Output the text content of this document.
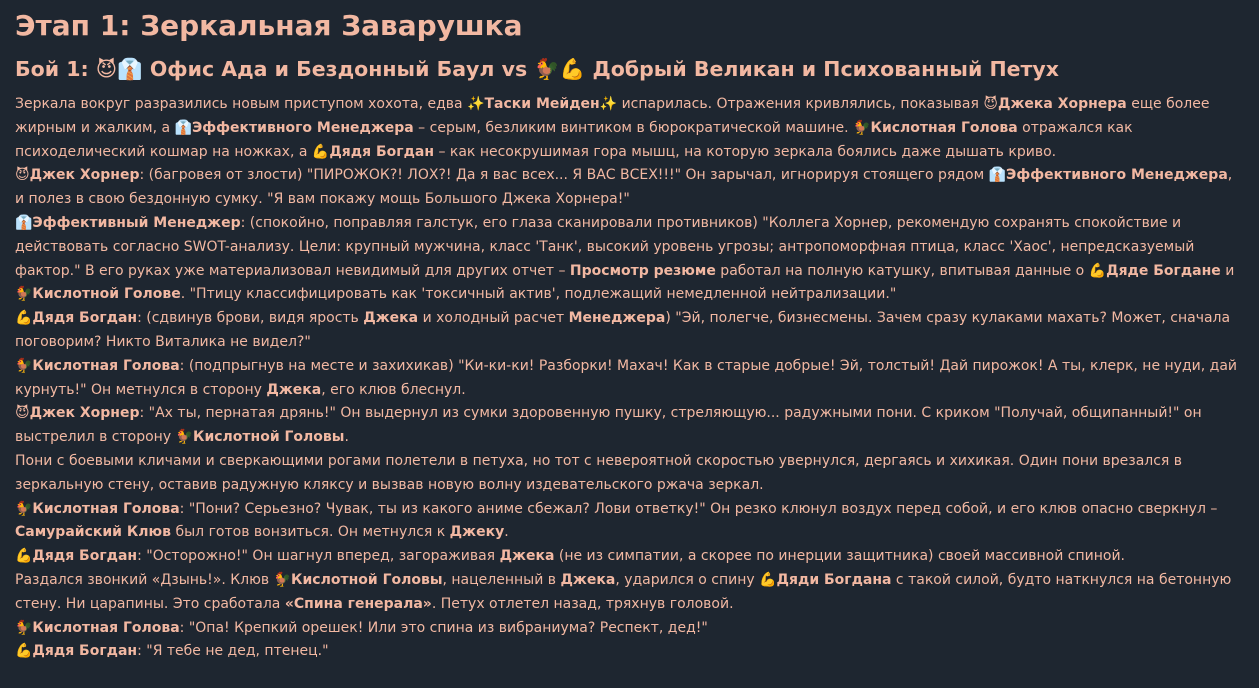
Этап 1: Зеркальная Заварушка
Бой 1: 😈👔 Офис Ада и Бездонный Баул vs 🐓💪 Добрый Великан и Психованный Петух

Зеркала вокруг разразились новым приступом хохота, едва ✨Таски Мейден✨ испарилась. Отражения кривлялись, показывая 😈Джека Хорнера еще более жирным и жалким, а 👔Эффективного Менеджера – серым, безликим винтиком в бюрократической машине. 🐓Кислотная Голова отражался как психоделический кошмар на ножках, а 💪Дядя Богдан – как несокрушимая гора мышц, на которую зеркала боялись даже дышать криво.

😈Джек Хорнер: (багровея от злости) "ПИРОЖОК?! ЛОХ?! Да я вас всех... Я ВАС ВСЕХ!!!" Он зарычал, игнорируя стоящего рядом 👔Эффективного Менеджера, и полез в свою бездонную сумку. "Я вам покажу мощь Большого Джека Хорнера!"

👔Эффективный Менеджер: (спокойно, поправляя галстук, его глаза сканировали противников) "Коллега Хорнер, рекомендую сохранять спокойствие и действовать согласно SWOT-анализу. Цели: крупный мужчина, класс 'Танк', высокий уровень угрозы; антропоморфная птица, класс 'Хаос', непредсказуемый фактор." В его руках уже материализовал невидимый для других отчет – Просмотр резюме работал на полную катушку, впитывая данные о 💪Дяде Богдане и 🐓Кислотной Голове. "Птицу классифицировать как 'токсичный актив', подлежащий немедленной нейтрализации."

💪Дядя Богдан: (сдвинув брови, видя ярость Джека и холодный расчет Менеджера) "Эй, полегче, бизнесмены. Зачем сразу кулаками махать? Может, сначала поговорим? Никто Виталика не видел?"

🐓Кислотная Голова: (подпрыгнув на месте и захихикав) "Ки-ки-ки! Разборки! Махач! Как в старые добрые! Эй, толстый! Дай пирожок! А ты, клерк, не нуди, дай курнуть!" Он метнулся в сторону Джека, его клюв блеснул.

😈Джек Хорнер: "Ах ты, пернатая дрянь!" Он выдернул из сумки здоровенную пушку, стреляющую... радужными пони. С криком "Получай, общипанный!" он выстрелил в сторону 🐓Кислотной Головы.

Пони с боевыми кличами и сверкающими рогами полетели в петуха, но тот с невероятной скоростью увернулся, дергаясь и хихикая. Один пони врезался в зеркальную стену, оставив радужную кляксу и вызвав новую волну издевательского ржача зеркал.

🐓Кислотная Голова: "Пони? Серьезно? Чувак, ты из какого аниме сбежал? Лови ответку!" Он резко клюнул воздух перед собой, и его клюв опасно сверкнул – Самурайский Клюв был готов вонзиться. Он метнулся к Джеку.

💪Дядя Богдан: "Осторожно!" Он шагнул вперед, загораживая Джека (не из симпатии, а скорее по инерции защитника) своей массивной спиной.

Раздался звонкий «Дзынь!». Клюв 🐓Кислотной Головы, нацеленный в Джека, ударился о спину 💪Дяди Богдана с такой силой, будто наткнулся на бетонную стену. Ни царапины. Это сработала «Спина генерала». Петух отлетел назад, тряхнув головой.

🐓Кислотная Голова: "Опа! Крепкий орешек! Или это спина из вибраниума? Респект, дед!"

💪Дядя Богдан: "Я тебе не дед, птенец."
